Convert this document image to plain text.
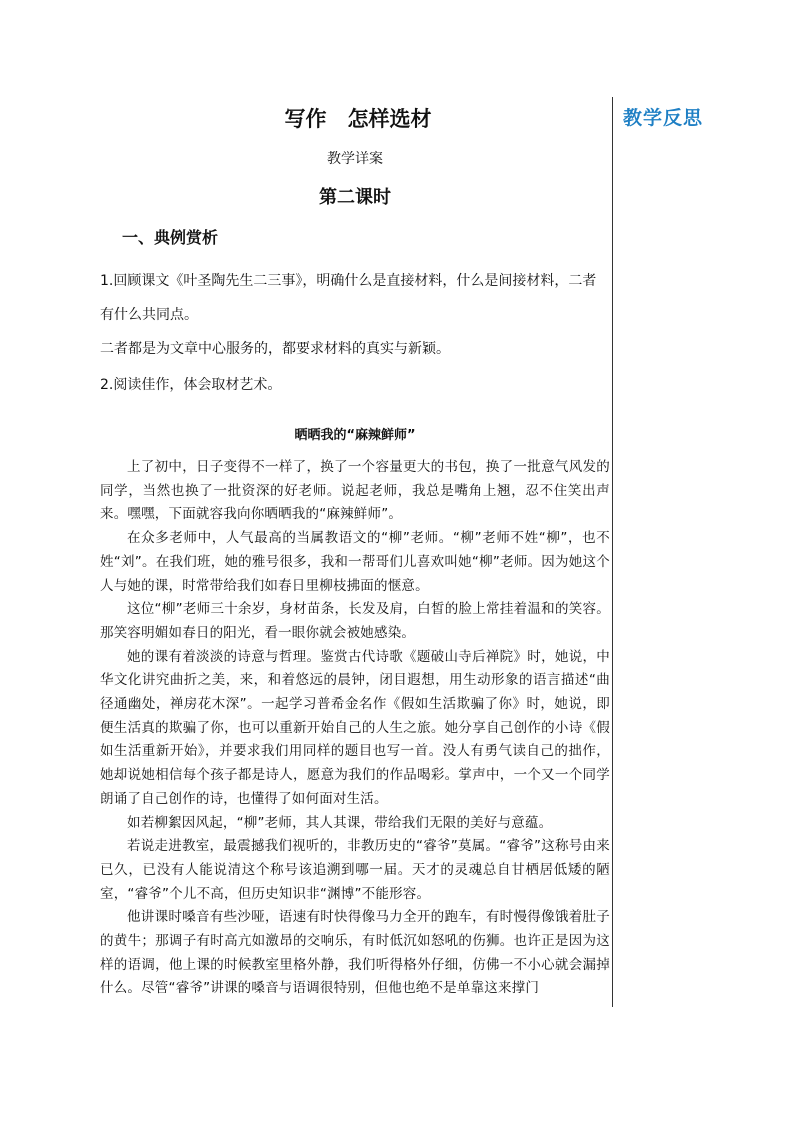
教学反思
写作　怎样选材
教学详案
第二课时
一、典例赏析
1.回顾课文《叶圣陶先生二三事》，明确什么是直接材料，什么是间接材料，二者有什么共同点。
二者都是为文章中心服务的，都要求材料的真实与新颖。
2.阅读佳作，体会取材艺术。
晒晒我的“麻辣鲜师”

上了初中，日子变得不一样了，换了一个容量更大的书包，换了一批意气风发的同学，当然也换了一批资深的好老师。说起老师，我总是嘴角上翘，忍不住笑出声来。嘿嘿，下面就容我向你晒晒我的“麻辣鲜师”。

在众多老师中，人气最高的当属教语文的“柳”老师。“柳”老师不姓“柳”，也不姓“刘”。在我们班，她的雅号很多，我和一帮哥们儿喜欢叫她“柳”老师。因为她这个人与她的课，时常带给我们如春日里柳枝拂面的惬意。

这位“柳”老师三十余岁，身材苗条，长发及肩，白皙的脸上常挂着温和的笑容。那笑容明媚如春日的阳光，看一眼你就会被她感染。

她的课有着淡淡的诗意与哲理。鉴赏古代诗歌《题破山寺后禅院》时，她说，中华文化讲究曲折之美，来，和着悠远的晨钟，闭目遐想，用生动形象的语言描述“曲径通幽处，禅房花木深”。一起学习普希金名作《假如生活欺骗了你》时，她说，即便生活真的欺骗了你，也可以重新开始自己的人生之旅。她分享自己创作的小诗《假如生活重新开始》，并要求我们用同样的题目也写一首。没人有勇气读自己的拙作，她却说她相信每个孩子都是诗人，愿意为我们的作品喝彩。掌声中，一个又一个同学朗诵了自己创作的诗，也懂得了如何面对生活。

如若柳絮因风起，“柳”老师，其人其课，带给我们无限的美好与意蕴。

若说走进教室，最震撼我们视听的，非教历史的“睿爷”莫属。“睿爷”这称号由来已久，已没有人能说清这个称号该追溯到哪一届。天才的灵魂总自甘栖居低矮的陋室，“睿爷”个儿不高，但历史知识非“渊博”不能形容。

他讲课时嗓音有些沙哑，语速有时快得像马力全开的跑车，有时慢得像饿着肚子的黄牛；那调子有时高亢如激昂的交响乐，有时低沉如怒吼的伤狮。也许正是因为这样的语调，他上课的时候教室里格外静，我们听得格外仔细，仿佛一不小心就会漏掉什么。尽管“睿爷”讲课的嗓音与语调很特别，但他也绝不是单靠这来撑门
